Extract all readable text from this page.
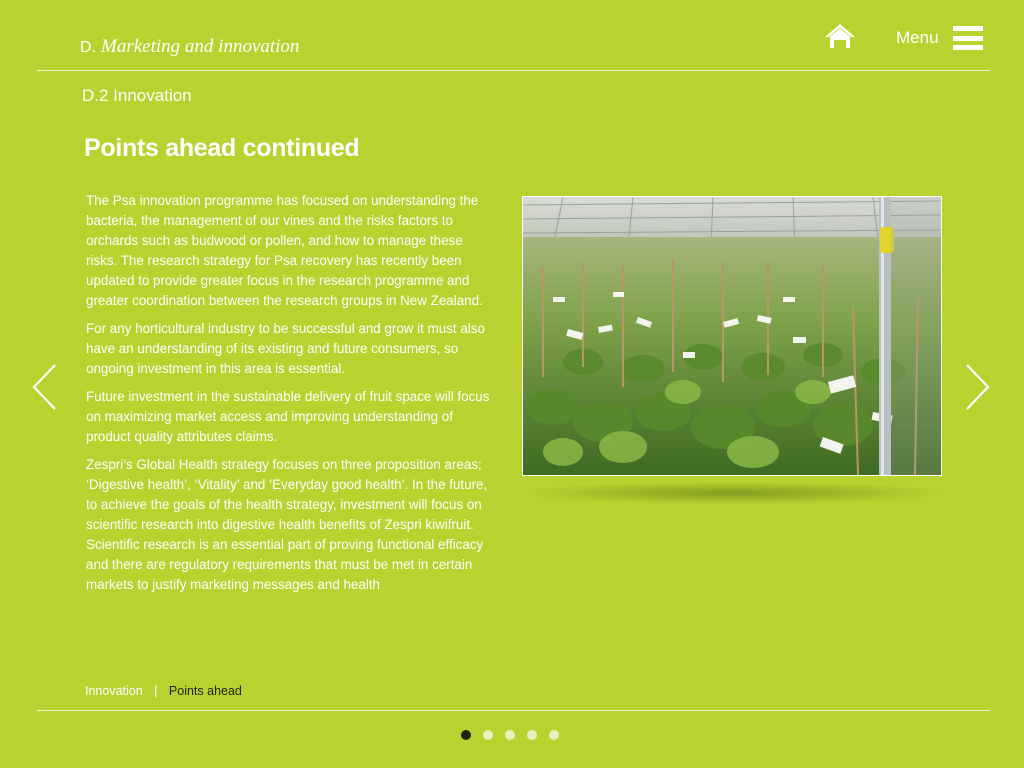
D. Marketing and innovation	Menu
D.2 Innovation
Points ahead continued

The Psa innovation programme has focused on understanding the bacteria, the management of our vines and the risks factors to orchards such as budwood or pollen, and how to manage these risks. The research strategy for Psa recovery has recently been updated to provide greater focus in the research programme and greater coordination between the research groups in New Zealand.

For any horticultural industry to be successful and grow it must also have an understanding of its existing and future consumers, so ongoing investment in this area is essential.

Future investment in the sustainable delivery of fruit space will focus on maximizing market access and improving understanding of product quality attributes claims.

Zespri’s Global Health strategy focuses on three proposition areas; ‘Digestive health’, ‘Vitality’ and ‘Everyday good health’. In the future, to achieve the goals of the health strategy, investment will focus on scientific research into digestive health benefits of Zespri kiwifruit. Scientific research is an essential part of proving functional efficacy and there are regulatory requirements that must be met in certain markets to justify marketing messages and health

Innovation | Points ahead
